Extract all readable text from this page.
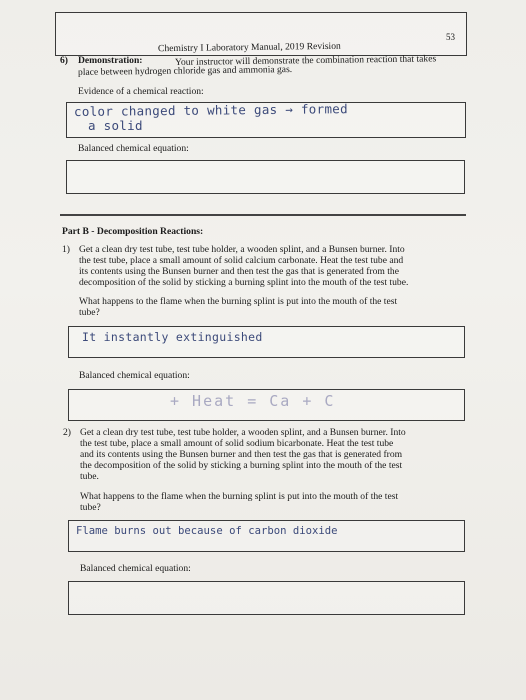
53
Chemistry I Laboratory Manual, 2019 Revision
6) Demonstration:	Your instructor will demonstrate the combination reaction that takes
place between hydrogen chloride gas and ammonia gas.
Evidence of a chemical reaction:
color changed to white gas → formed
a solid
Balanced chemical equation:
Part B - Decomposition Reactions:
1) Get a clean dry test tube, test tube holder, a wooden splint, and a Bunsen burner. Into
the test tube, place a small amount of solid calcium carbonate. Heat the test tube and
its contents using the Bunsen burner and then test the gas that is generated from the
decomposition of the solid by sticking a burning splint into the mouth of the test tube.
What happens to the flame when the burning splint is put into the mouth of the test
tube?
It instantly extinguished
Balanced chemical equation:
+ Heat = Ca + C
2) Get a clean dry test tube, test tube holder, a wooden splint, and a Bunsen burner. Into
the test tube, place a small amount of solid sodium bicarbonate. Heat the test tube
and its contents using the Bunsen burner and then test the gas that is generated from
the decomposition of the solid by sticking a burning splint into the mouth of the test
tube.
What happens to the flame when the burning splint is put into the mouth of the test
tube?
Flame burns out because of carbon dioxide
Balanced chemical equation:
